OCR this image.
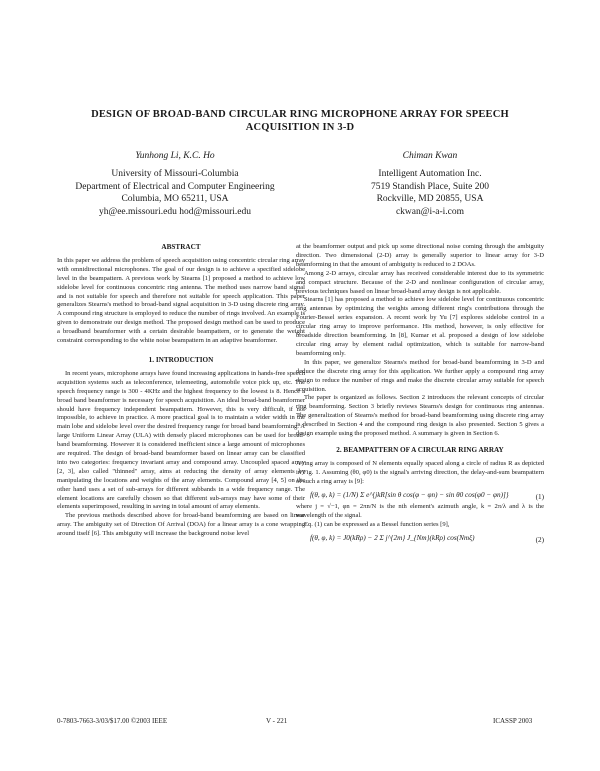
DESIGN OF BROAD-BAND CIRCULAR RING MICROPHONE ARRAY FOR SPEECH ACQUISITION IN 3-D
Yunhong Li, K.C. Ho
University of Missouri-Columbia
Department of Electrical and Computer Engineering
Columbia, MO 65211, USA
yh@ee.missouri.edu hod@missouri.edu
Chiman Kwan
Intelligent Automation Inc.
7519 Standish Place, Suite 200
Rockville, MD 20855, USA
ckwan@i-a-i.com
ABSTRACT

In this paper we address the problem of speech acquisition using concentric circular ring array with omnidirectional microphones. The goal of our design is to achieve a specified sidelobe level in the beampattern. A previous work by Stearns [1] proposed a method to achieve low sidelobe level for continuous concentric ring antenna. The method uses narrow band signal and is not suitable for speech and therefore not suitable for speech application. This paper generalizes Stearns's method to broad-band signal acquisition in 3-D using discrete ring array. A compound ring structure is employed to reduce the number of rings involved. An example is given to demonstrate our design method. The proposed design method can be used to produce a broadband beamformer with a certain desirable beampattern, or to generate the weight constraint corresponding to the white noise beampattern in an adaptive beamformer.

1. INTRODUCTION

In recent years, microphone arrays have found increasing applications in hands-free speech acquisition systems such as teleconference, telemeeting, automobile voice pick up, etc. The speech frequency range is 300 - 4KHz and the highest frequency to the lowest is 8. Hence a broad band beamformer is necessary for speech acquisition. An ideal broad-band beamformer should have frequency independent beampattern. However, this is very difficult, if not impossible, to achieve in practice. A more practical goal is to maintain a wider width in the main lobe and sidelobe level over the desired frequency range for broad band beamforming. A large Uniform Linear Array (ULA) with densely placed microphones can be used for broad-band beamforming. However it is considered inefficient since a large amount of microphones are required. The design of broad-band beamformer based on linear array can be classified into two categories: frequency invariant array and compound array. Uncoupled spaced array [2, 3], also called "thinned" array, aims at reducing the density of array elements by manipulating the locations and weights of the array elements. Compound array [4, 5] on the other hand uses a set of sub-arrays for different subbands in a wide frequency range. The element locations are carefully chosen so that different sub-arrays may have some of their elements superimposed, resulting in saving in total amount of array elements.

The previous methods described above for broad-band beamforming are based on linear array. The ambiguity set of Direction Of Arrival (DOA) for a linear array is a cone wrapping around itself [6]. This ambiguity will increase the background noise level

at the beamformer output and pick up some directional noise coming through the ambiguity direction. Two dimensional (2-D) array is generally superior to linear array for 3-D beamforming in that the amount of ambiguity is reduced to 2 DOAs.

Among 2-D arrays, circular array has received considerable interest due to its symmetric and compact structure. Because of the 2-D and nonlinear configuration of circular array, previous techniques based on linear broad-band array design is not applicable.

Stearns [1] has proposed a method to achieve low sidelobe level for continuous concentric ring antennas by optimizing the weights among different ring's contributions through the Fourier-Bessel series expansion. A recent work by Yu [7] explores sidelobe control in a circular ring array to improve performance. His method, however, is only effective for broadside direction beamforming. In [8], Kumar et al. proposed a design of low sidelobe circular ring array by element radial optimization, which is suitable for narrow-band beamforming only.

In this paper, we generalize Stearns's method for broad-band beamforming in 3-D and deduce the discrete ring array for this application. We further apply a compound ring array design to reduce the number of rings and make the discrete circular array suitable for speech acquisition.

The paper is organized as follows. Section 2 introduces the relevant concepts of circular ring beamforming. Section 3 briefly reviews Stearns's design for continuous ring antennas. The generalization of Stearns's method for broad-band beamforming using discrete ring array is described in Section 4 and the compound ring design is also presented. Section 5 gives a design example using the proposed method. A summary is given in Section 6.

2. BEAMPATTERN OF A CIRCULAR RING ARRAY

A ring array is composed of N elements equally spaced along a circle of radius R as depicted in Fig. 1. Assuming (θ0, φ0) is the signal's arriving direction, the delay-and-sum beampattern of such a ring array is [9]:

f(θ, φ, k) = (1/N) Σ e^{jkR[sin θ cos(φ − φn) − sin θ0 cos(φ0 − φn)]}	(1)

where j = √−1, φn = 2πn/N is the nth element's azimuth angle, k = 2π/λ and λ is the wavelength of the signal.

Eq. (1) can be expressed as a Bessel function series [9],

f(θ, φ, k) = J0(kRρ) − 2 Σ j^{2m} J_{Nm}(kRρ) cos(Nmξ)	(2)
0-7803-7663-3/03/$17.00 ©2003 IEEE	V - 221	ICASSP 2003
